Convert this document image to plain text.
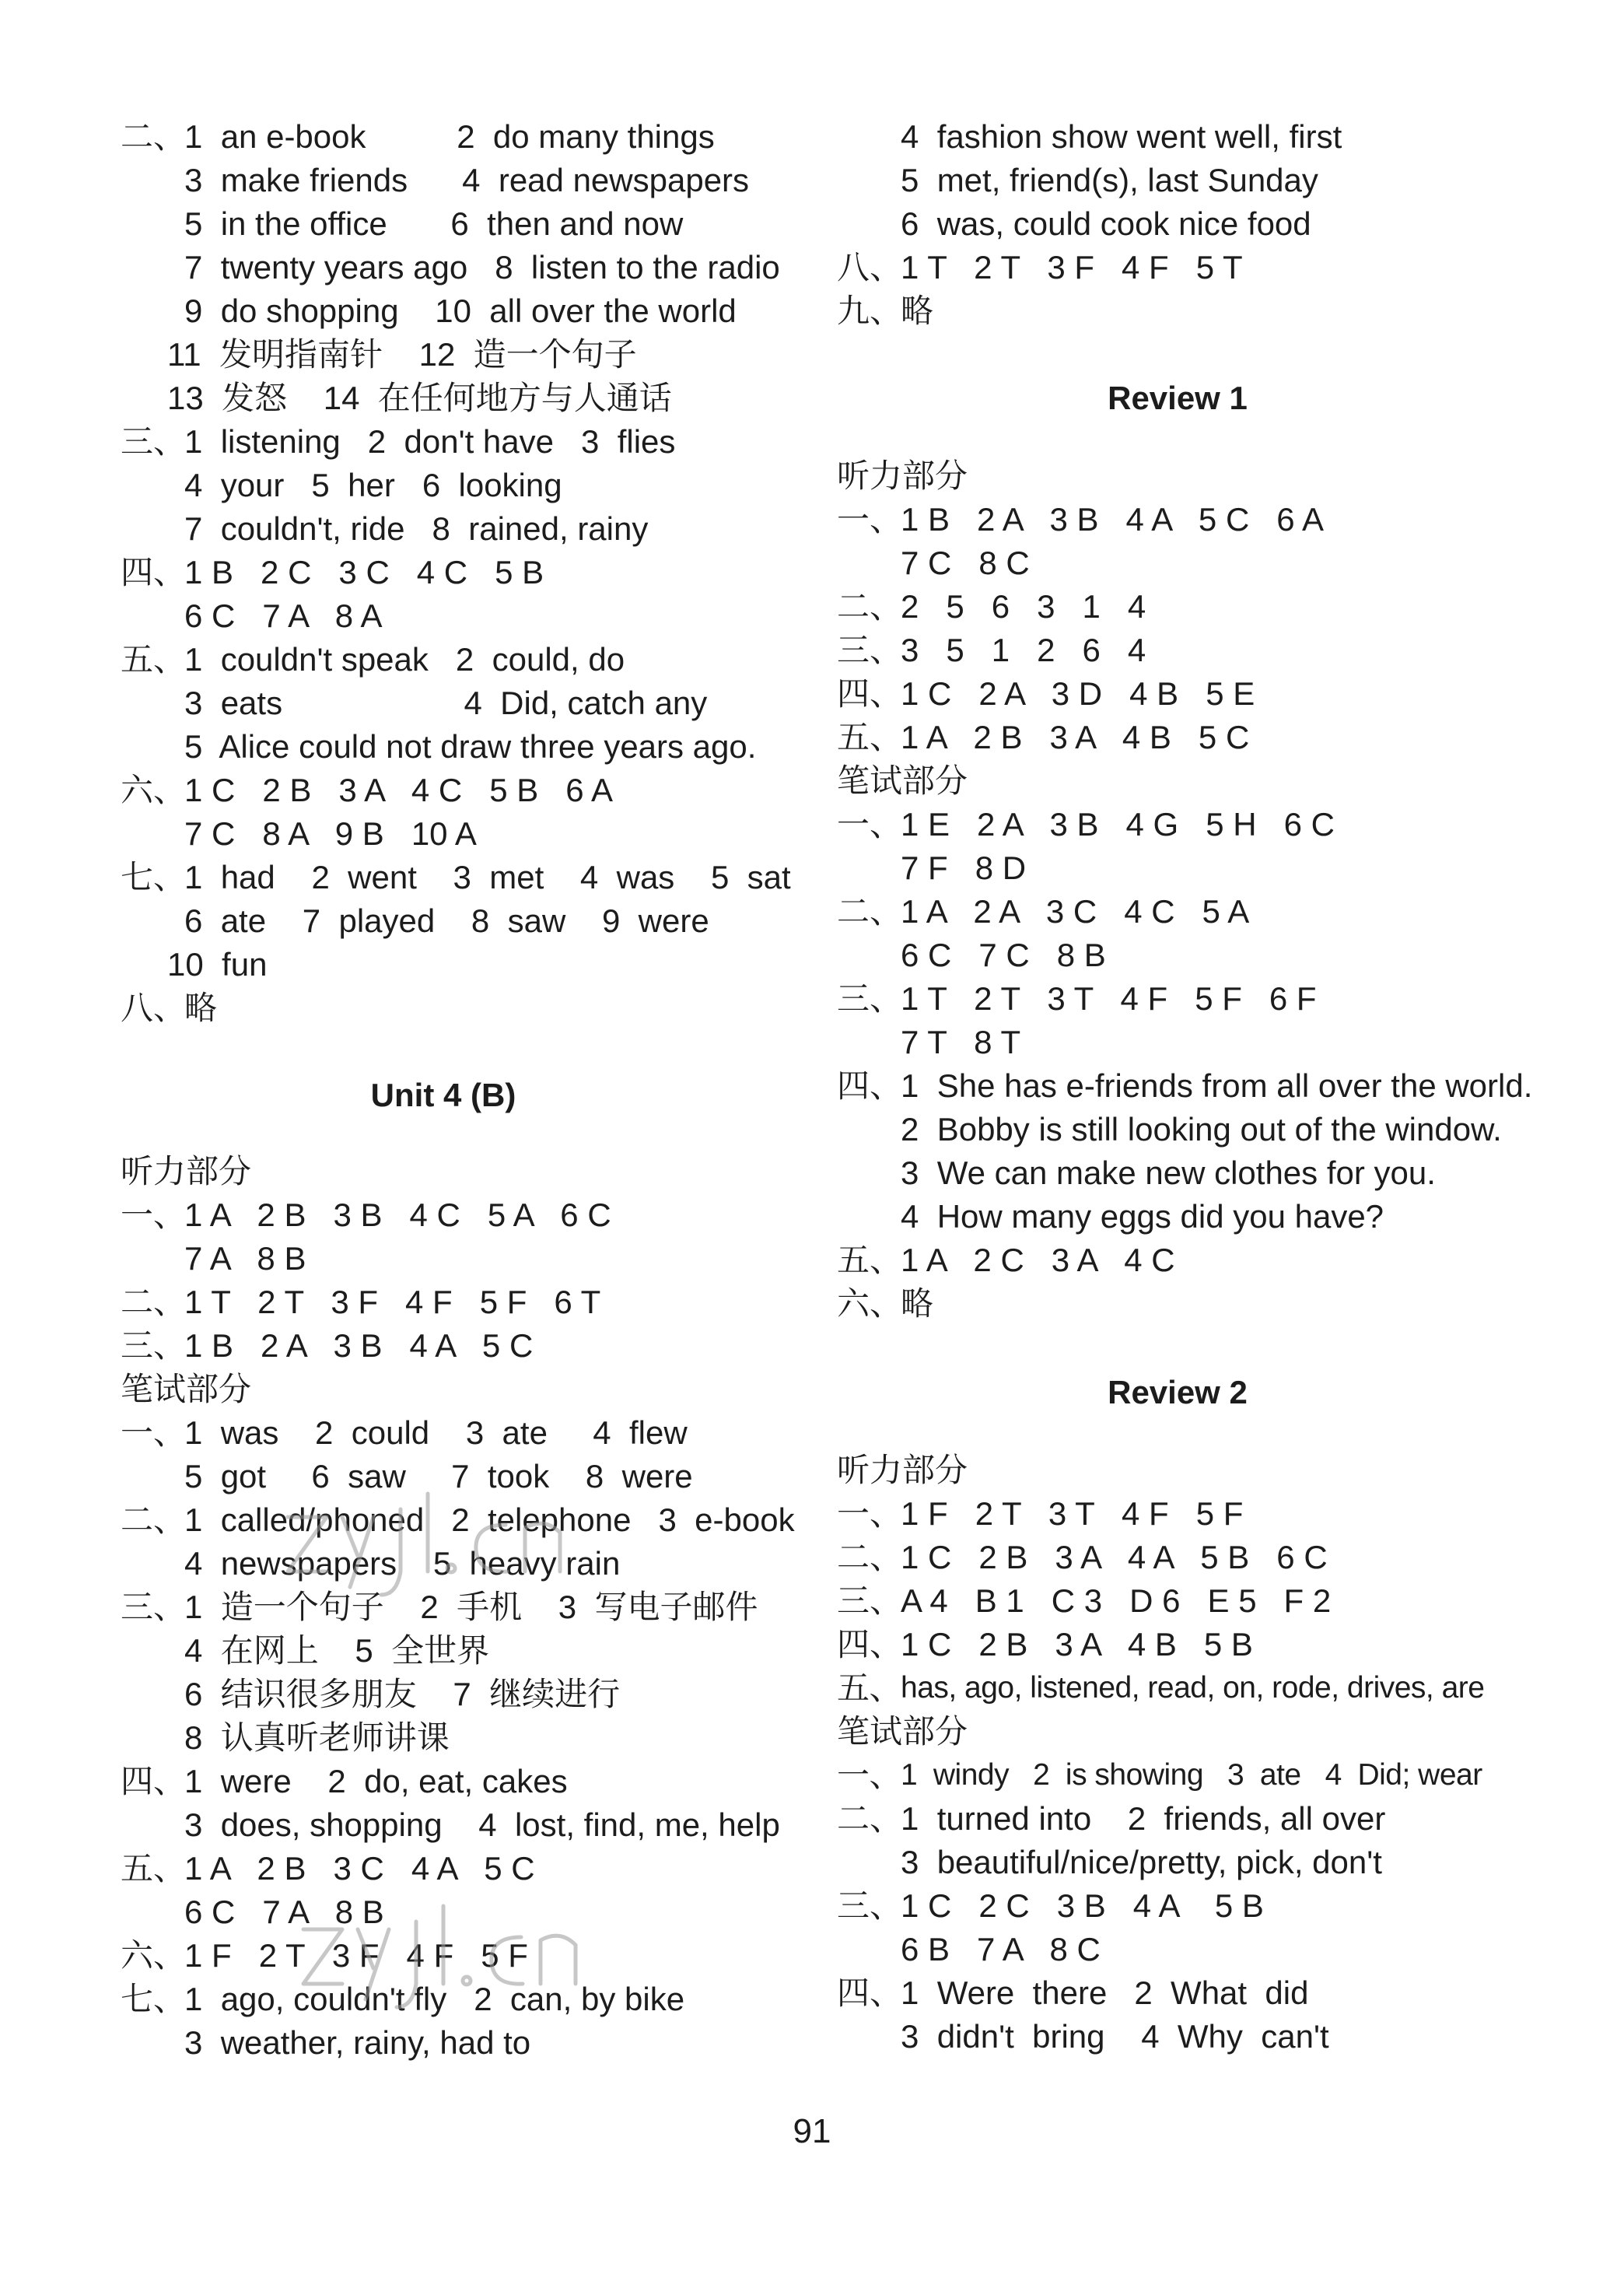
二、
1  an e-book          2  do many things
3  make friends      4  read newspapers
5  in the office       6  then and now
7  twenty years ago   8  listen to the radio
9  do shopping    10  all over the world
11  发明指南针    12  造一个句子
13  发怒    14  在任何地方与人通话
三、
1  listening   2  don't have   3  flies
4  your   5  her   6  looking
7  couldn't, ride   8  rained, rainy
四、
1 B   2 C   3 C   4 C   5 B
6 C   7 A   8 A
五、
1  couldn't speak   2  could, do
3  eats                    4  Did, catch any
5  Alice could not draw three years ago.
六、
1 C   2 B   3 A   4 C   5 B   6 A
7 C   8 A   9 B   10 A
七、
1  had    2  went    3  met    4  was    5  sat
6  ate    7  played    8  saw    9  were
10  fun
八、
略
Unit 4 (B)
听力部分
一、
1 A   2 B   3 B   4 C   5 A   6 C
7 A   8 B
二、
1 T   2 T   3 F   4 F   5 F   6 T
三、
1 B   2 A   3 B   4 A   5 C
笔试部分
一、
1  was    2  could    3  ate     4  flew
5  got     6  saw     7  took    8  were
二、
1  called/phoned   2  telephone   3  e-book
4  newspapers    5  heavy rain
三、
1  造一个句子    2  手机    3  写电子邮件
4  在网上    5  全世界
6  结识很多朋友    7  继续进行
8  认真听老师讲课
四、
1  were    2  do, eat, cakes
3  does, shopping    4  lost, find, me, help
五、
1 A   2 B   3 C   4 A   5 C
6 C   7 A   8 B
六、
1 F   2 T   3 F   4 F   5 F
七、
1  ago, couldn't fly   2  can, by bike
3  weather, rainy, had to
4  fashion show went well, first
5  met, friend(s), last Sunday
6  was, could cook nice food
八、
1 T   2 T   3 F   4 F   5 T
九、
略
Review 1
听力部分
一、
1 B   2 A   3 B   4 A   5 C   6 A
7 C   8 C
二、
2   5   6   3   1   4
三、
3   5   1   2   6   4
四、
1 C   2 A   3 D   4 B   5 E
五、
1 A   2 B   3 A   4 B   5 C
笔试部分
一、
1 E   2 A   3 B   4 G   5 H   6 C
7 F   8 D
二、
1 A   2 A   3 C   4 C   5 A
6 C   7 C   8 B
三、
1 T   2 T   3 T   4 F   5 F   6 F
7 T   8 T
四、
1  She has e-friends from all over the world.
2  Bobby is still looking out of the window.
3  We can make new clothes for you.
4  How many eggs did you have?
五、
1 A   2 C   3 A   4 C
六、
略
Review 2
听力部分
一、
1 F   2 T   3 T   4 F   5 F
二、
1 C   2 B   3 A   4 A   5 B   6 C
三、
A 4   B 1   C 3   D 6   E 5   F 2
四、
1 C   2 B   3 A   4 B   5 B
五、
has, ago, listened, read, on, rode, drives, are
笔试部分
一、
1  windy   2  is showing   3  ate   4  Did; wear
二、
1  turned into    2  friends, all over
3  beautiful/nice/pretty, pick, don't
三、
1 C   2 C   3 B   4 A    5 B
6 B   7 A   8 C
四、
1  Were  there   2  What  did
3  didn't  bring    4  Why  can't
91
